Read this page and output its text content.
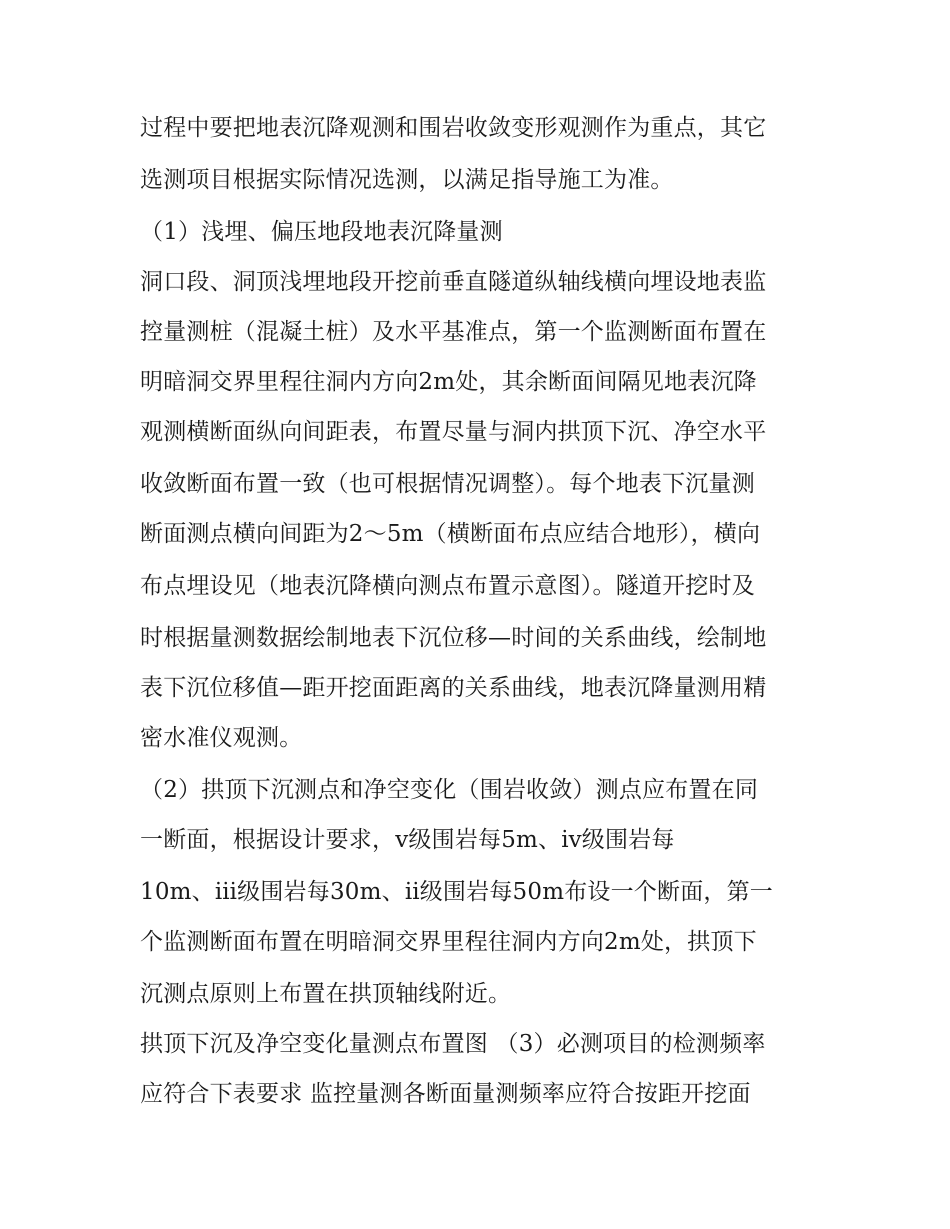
过程中要把地表沉降观测和围岩收敛变形观测作为重点，其它
选测项目根据实际情况选测，以满足指导施工为准。
（1）浅埋、偏压地段地表沉降量测
洞口段、洞顶浅埋地段开挖前垂直隧道纵轴线横向埋设地表监
控量测桩（混凝土桩）及水平基准点，第一个监测断面布置在
明暗洞交界里程往洞内方向2m处，其余断面间隔见地表沉降
观测横断面纵向间距表，布置尽量与洞内拱顶下沉、净空水平
收敛断面布置一致（也可根据情况调整）。每个地表下沉量测
断面测点横向间距为2～5m（横断面布点应结合地形），横向
布点埋设见（地表沉降横向测点布置示意图）。隧道开挖时及
时根据量测数据绘制地表下沉位移—时间的关系曲线，绘制地
表下沉位移值—距开挖面距离的关系曲线，地表沉降量测用精
密水准仪观测。
（2）拱顶下沉测点和净空变化（围岩收敛）测点应布置在同
一断面，根据设计要求，ⅴ级围岩每5m、ⅳ级围岩每
10m、ⅲ级围岩每30m、ⅱ级围岩每50m布设一个断面，第一
个监测断面布置在明暗洞交界里程往洞内方向2m处，拱顶下
沉测点原则上布置在拱顶轴线附近。
拱顶下沉及净空变化量测点布置图 （3）必测项目的检测频率
应符合下表要求 监控量测各断面量测频率应符合按距开挖面
